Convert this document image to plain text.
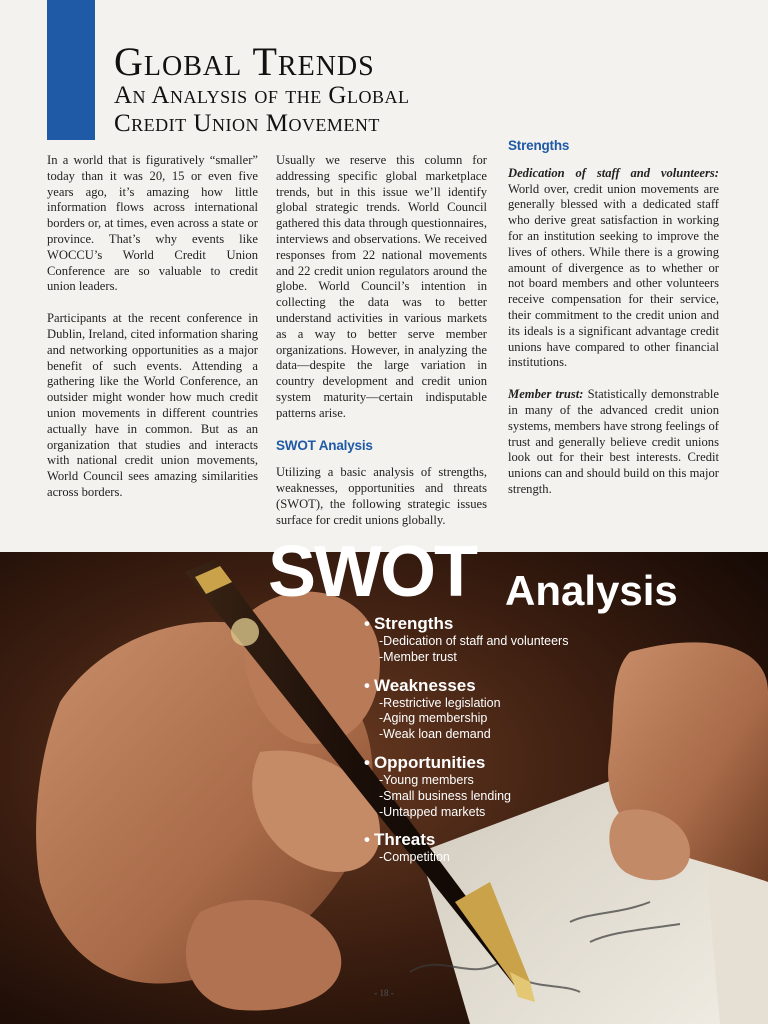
Global Trends
An Analysis of the Global
Credit Union Movement

In a world that is figuratively “smaller” today than it was 20, 15 or even five years ago, it’s amazing how little information flows across international borders or, at times, even across a state or province. That’s why events like WOCCU’s World Credit Union Conference are so valuable to credit union leaders.

Participants at the recent conference in Dublin, Ireland, cited information sharing and networking opportunities as a major benefit of such events. Attending a gathering like the World Conference, an outsider might wonder how much credit union movements in different countries actually have in common. But as an organization that studies and interacts with national credit union movements, World Council sees amazing similarities across borders.

Usually we reserve this column for addressing specific global marketplace trends, but in this issue we’ll identify global strategic trends. World Council gathered this data through questionnaires, interviews and observations. We received responses from 22 national movements and 22 credit union regulators around the globe. World Council’s intention in collecting the data was to better understand activities in various markets as a way to better serve member organizations. However, in analyzing the data—despite the large variation in country development and credit union system maturity—certain indisputable patterns arise.

SWOT Analysis

Utilizing a basic analysis of strengths, weaknesses, opportunities and threats (SWOT), the following strategic issues surface for credit unions globally.

Strengths

Dedication of staff and volunteers: World over, credit union movements are generally blessed with a dedicated staff who derive great satisfaction in working for an institution seeking to improve the lives of others. While there is a growing amount of divergence as to whether or not board members and other volunteers receive compensation for their service, their commitment to the credit union and its ideals is a significant advantage credit unions have compared to other financial institutions.

Member trust: Statistically demonstrable in many of the advanced credit union systems, members have strong feelings of trust and generally believe credit unions look out for their best interests. Credit unions can and should build on this major strength.

SWOT Analysis
• Strengths
-Dedication of staff and volunteers
-Member trust
• Weaknesses
-Restrictive legislation
-Aging membership
-Weak loan demand
• Opportunities
-Young members
-Small business lending
-Untapped markets
• Threats
-Competition
- 18 -
